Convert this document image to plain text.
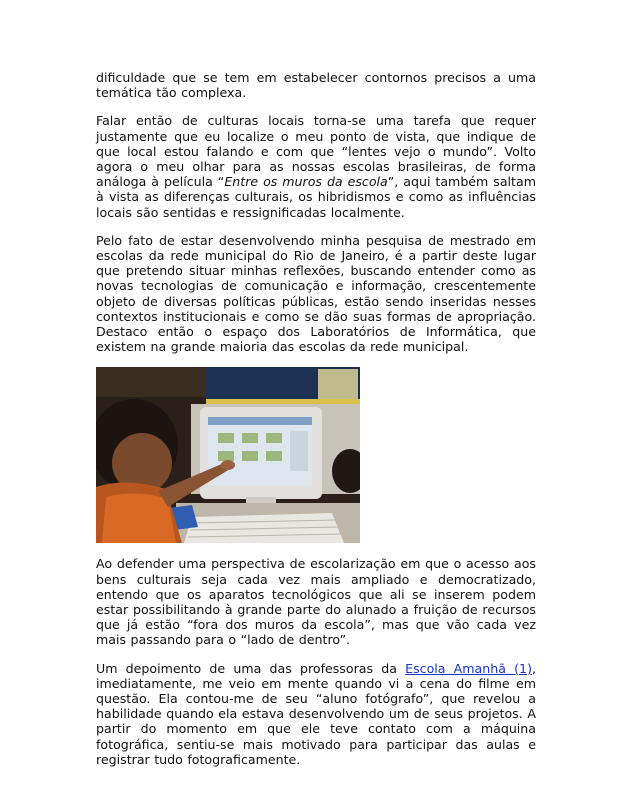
dificuldade que se tem em estabelecer contornos precisos a uma temática tão complexa.

Falar então de culturas locais torna-se uma tarefa que requer justamente que eu localize o meu ponto de vista, que indique de que local estou falando e com que “lentes vejo o mundo”. Volto agora o meu olhar para as nossas escolas brasileiras, de forma análoga à película “Entre os muros da escola”, aqui também saltam à vista as diferenças culturais, os hibridismos e como as influências locais são sentidas e ressignificadas localmente.

Pelo fato de estar desenvolvendo minha pesquisa de mestrado em escolas da rede municipal do Rio de Janeiro, é a partir deste lugar que pretendo situar minhas reflexões, buscando entender como as novas tecnologias de comunicação e informação, crescentemente objeto de diversas políticas públicas, estão sendo inseridas nesses contextos institucionais e como se dão suas formas de apropriação. Destaco então o espaço dos Laboratórios de Informática, que existem na grande maioria das escolas da rede municipal.

Ao defender uma perspectiva de escolarização em que o acesso aos bens culturais seja cada vez mais ampliado e democratizado, entendo que os aparatos tecnológicos que ali se inserem podem estar possibilitando à grande parte do alunado a fruição de recursos que já estão “fora dos muros da escola”, mas que vão cada vez mais passando para o “lado de dentro”.

Um depoimento de uma das professoras da Escola Amanhã (1), imediatamente, me veio em mente quando vi a cena do filme em questão. Ela contou-me de seu “aluno fotógrafo”, que revelou a habilidade quando ela estava desenvolvendo um de seus projetos. A partir do momento em que ele teve contato com a máquina fotográfica, sentiu-se mais motivado para participar das aulas e registrar tudo fotograficamente.
